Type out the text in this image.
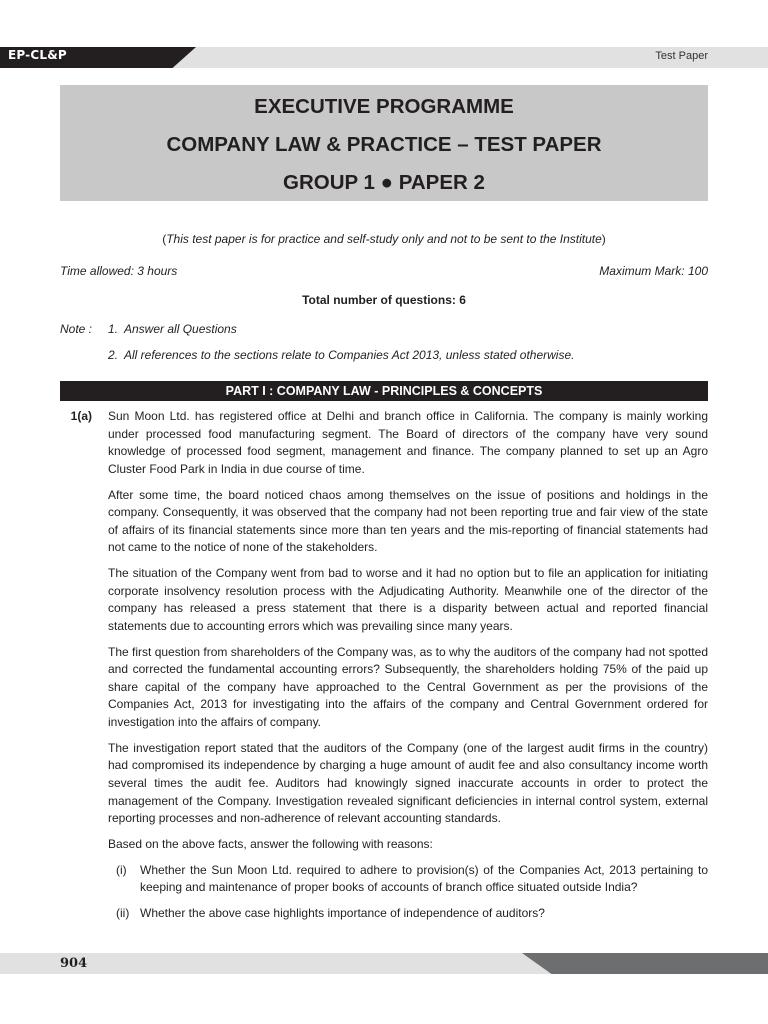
EP-CL&P	Test Paper
EXECUTIVE PROGRAMME
COMPANY LAW & PRACTICE – TEST PAPER
GROUP 1 ● PAPER 2
(This test paper is for practice and self-study only and not to be sent to the Institute)
Time allowed: 3 hours	Maximum Mark: 100
Total number of questions: 6
Note : 1. Answer all Questions
2. All references to the sections relate to Companies Act 2013, unless stated otherwise.
PART I : COMPANY LAW - PRINCIPLES & CONCEPTS
1(a) Sun Moon Ltd. has registered office at Delhi and branch office in California. The company is mainly working under processed food manufacturing segment. The Board of directors of the company have very sound knowledge of processed food segment, management and finance. The company planned to set up an Agro Cluster Food Park in India in due course of time.

After some time, the board noticed chaos among themselves on the issue of positions and holdings in the company. Consequently, it was observed that the company had not been reporting true and fair view of the state of affairs of its financial statements since more than ten years and the mis-reporting of financial statements had not came to the notice of none of the stakeholders.

The situation of the Company went from bad to worse and it had no option but to file an application for initiating corporate insolvency resolution process with the Adjudicating Authority. Meanwhile one of the director of the company has released a press statement that there is a disparity between actual and reported financial statements due to accounting errors which was prevailing since many years.

The first question from shareholders of the Company was, as to why the auditors of the company had not spotted and corrected the fundamental accounting errors? Subsequently, the shareholders holding 75% of the paid up share capital of the company have approached to the Central Government as per the provisions of the Companies Act, 2013 for investigating into the affairs of the company and Central Government ordered for investigation into the affairs of company.

The investigation report stated that the auditors of the Company (one of the largest audit firms in the country) had compromised its independence by charging a huge amount of audit fee and also consultancy income worth several times the audit fee. Auditors had knowingly signed inaccurate accounts in order to protect the management of the Company. Investigation revealed significant deficiencies in internal control system, external reporting processes and non-adherence of relevant accounting standards.

Based on the above facts, answer the following with reasons:

(i) Whether the Sun Moon Ltd. required to adhere to provision(s) of the Companies Act, 2013 pertaining to keeping and maintenance of proper books of accounts of branch office situated outside India?
(ii) Whether the above case highlights importance of independence of auditors?
904
